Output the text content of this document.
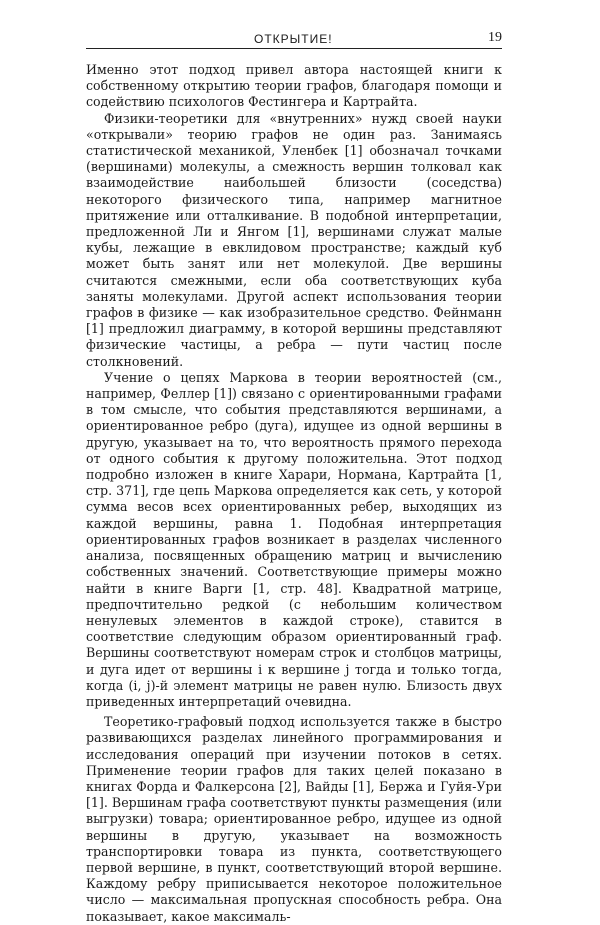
ОТКРЫТИЕ!	19

Именно этот подход привел автора настоящей книги к собственному открытию теории графов, благодаря помощи и содействию психологов Фестингера и Картрайта.

Физики-теоретики для «внутренних» нужд своей науки «открывали» теорию графов не один раз. Занимаясь статистической механикой, Уленбек [1] обозначал точками (вершинами) молекулы, а смежность вершин толковал как взаимодействие наибольшей близости (соседства) некоторого физического типа, например магнитное притяжение или отталкивание. В подобной интерпретации, предложенной Ли и Янгом [1], вершинами служат малые кубы, лежащие в евклидовом пространстве; каждый куб может быть занят или нет молекулой. Две вершины считаются смежными, если оба соответствующих куба заняты молекулами. Другой аспект использования теории графов в физике — как изобразительное средство. Фейнманн [1] предложил диаграмму, в которой вершины представляют физические частицы, а ребра — пути частиц после столкновений.

Учение о цепях Маркова в теории вероятностей (см., например, Феллер [1]) связано с ориентированными графами в том смысле, что события представляются вершинами, а ориентированное ребро (дуга), идущее из одной вершины в другую, указывает на то, что вероятность прямого перехода от одного события к другому положительна. Этот подход подробно изложен в книге Харари, Нормана, Картрайта [1, стр. 371], где цепь Маркова определяется как сеть, у которой сумма весов всех ориентированных ребер, выходящих из каждой вершины, равна 1. Подобная интерпретация ориентированных графов возникает в разделах численного анализа, посвященных обращению матриц и вычислению собственных значений. Соответствующие примеры можно найти в книге Варги [1, стр. 48]. Квадратной матрице, предпочтительно редкой (с небольшим количеством ненулевых элементов в каждой строке), ставится в соответствие следующим образом ориентированный граф. Вершины соответствуют номерам строк и столбцов матрицы, и дуга идет от вершины i к вершине j тогда и только тогда, когда (i, j)-й элемент матрицы не равен нулю. Близость двух приведенных интерпретаций очевидна.

Теоретико-графовый подход используется также в быстро развивающихся разделах линейного программирования и исследования операций при изучении потоков в сетях. Применение теории графов для таких целей показано в книгах Форда и Фалкерсона [2], Вайды [1], Бержа и Гуйя-Ури [1]. Вершинам графа соответствуют пункты размещения (или выгрузки) товара; ориентированное ребро, идущее из одной вершины в другую, указывает на возможность транспортировки товара из пункта, соответствующего первой вершине, в пункт, соответствующий второй вершине. Каждому ребру приписывается некоторое положительное число — максимальная пропускная способность ребра. Она показывает, какое максималь-
